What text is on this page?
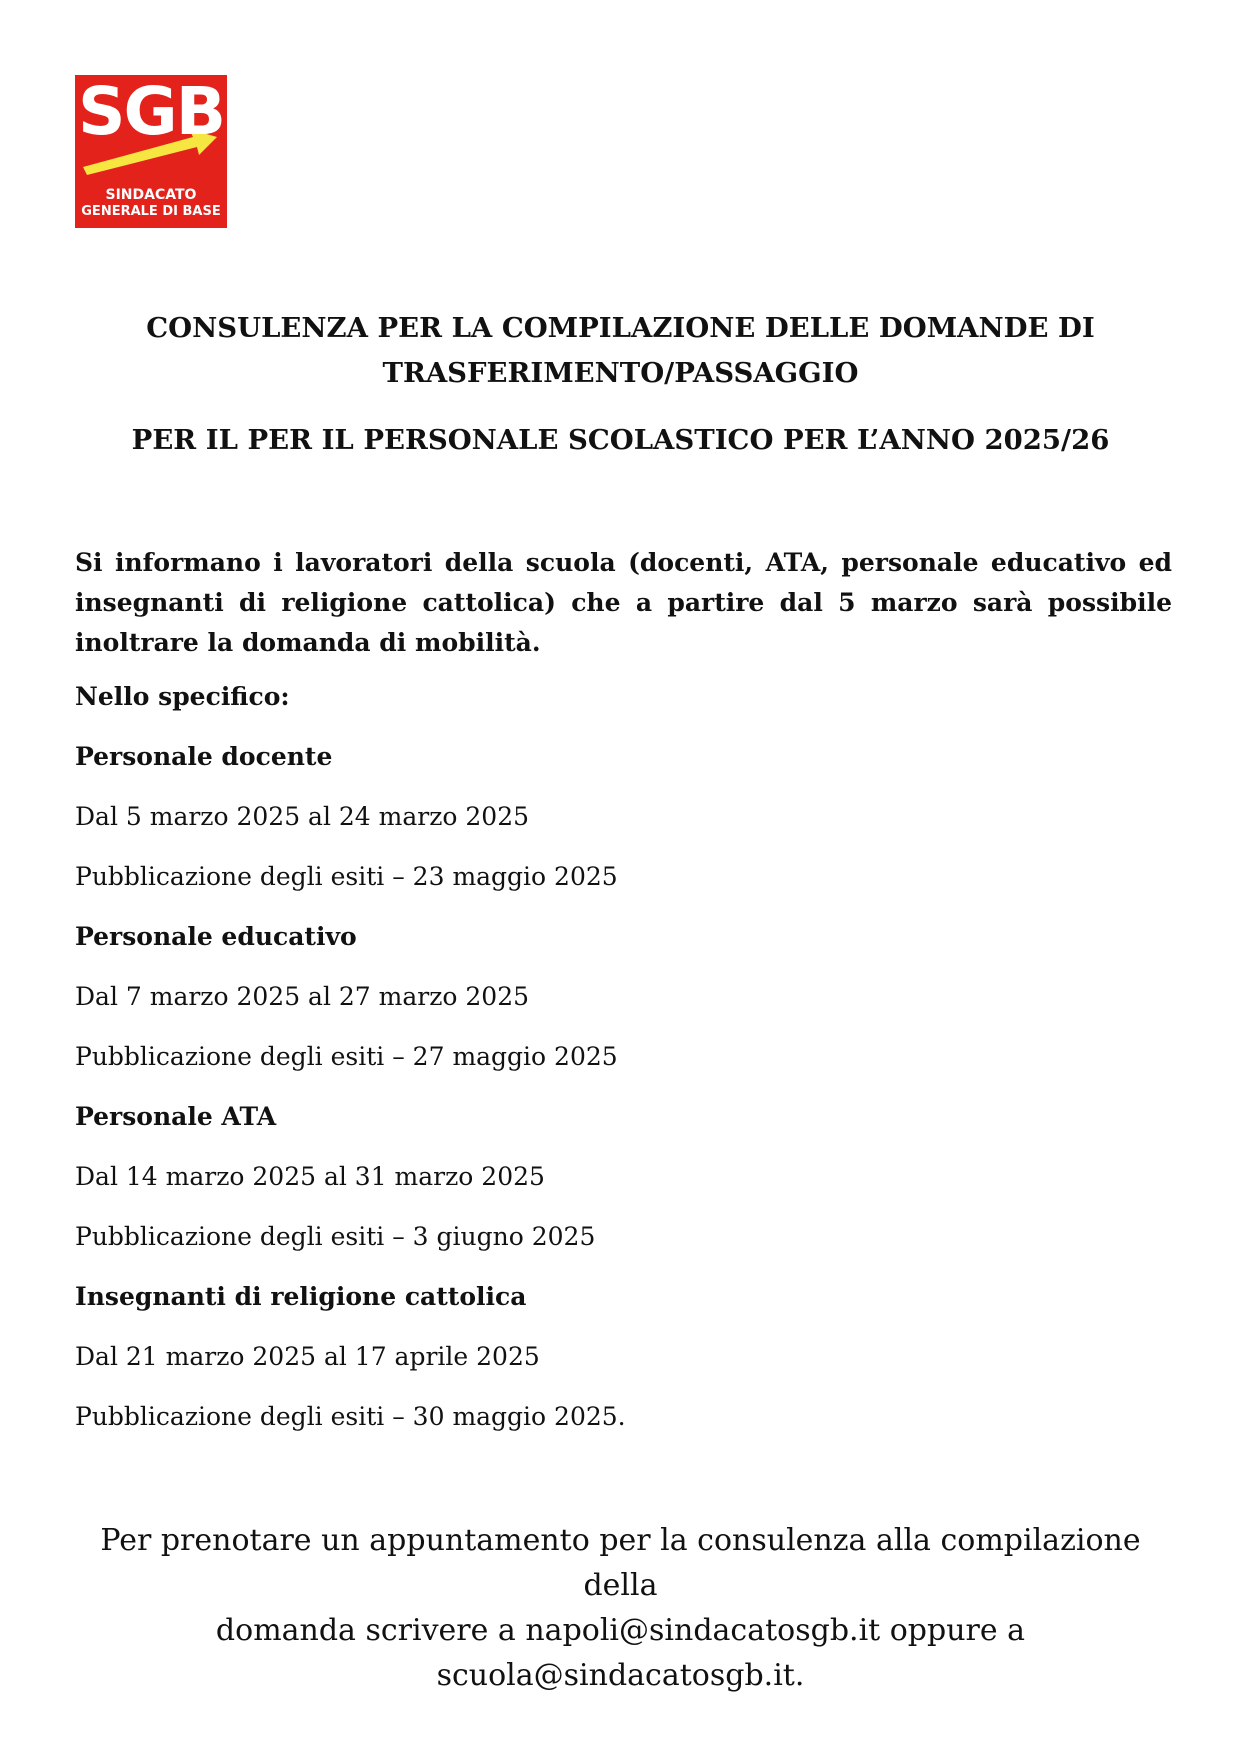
SGB
SINDACATO
GENERALE DI BASE
CONSULENZA PER LA COMPILAZIONE DELLE DOMANDE DI
TRASFERIMENTO/PASSAGGIO
PER IL PER IL PERSONALE SCOLASTICO PER L’ANNO 2025/26

Si informano i lavoratori della scuola (docenti, ATA, personale educativo ed insegnanti di religione cattolica) che a partire dal 5 marzo sarà possibile inoltrare la domanda di mobilità.

Nello specifico:
Personale docente
Dal 5 marzo 2025 al 24 marzo 2025
Pubblicazione degli esiti – 23 maggio 2025
Personale educativo
Dal 7 marzo 2025 al 27 marzo 2025
Pubblicazione degli esiti – 27 maggio 2025
Personale ATA
Dal 14 marzo 2025 al 31 marzo 2025
Pubblicazione degli esiti – 3 giugno 2025
Insegnanti di religione cattolica
Dal 21 marzo 2025 al 17 aprile 2025
Pubblicazione degli esiti – 30 maggio 2025.
Per prenotare un appuntamento per la consulenza alla compilazione della
domanda scrivere a napoli@sindacatosgb.it oppure a
scuola@sindacatosgb.it.
